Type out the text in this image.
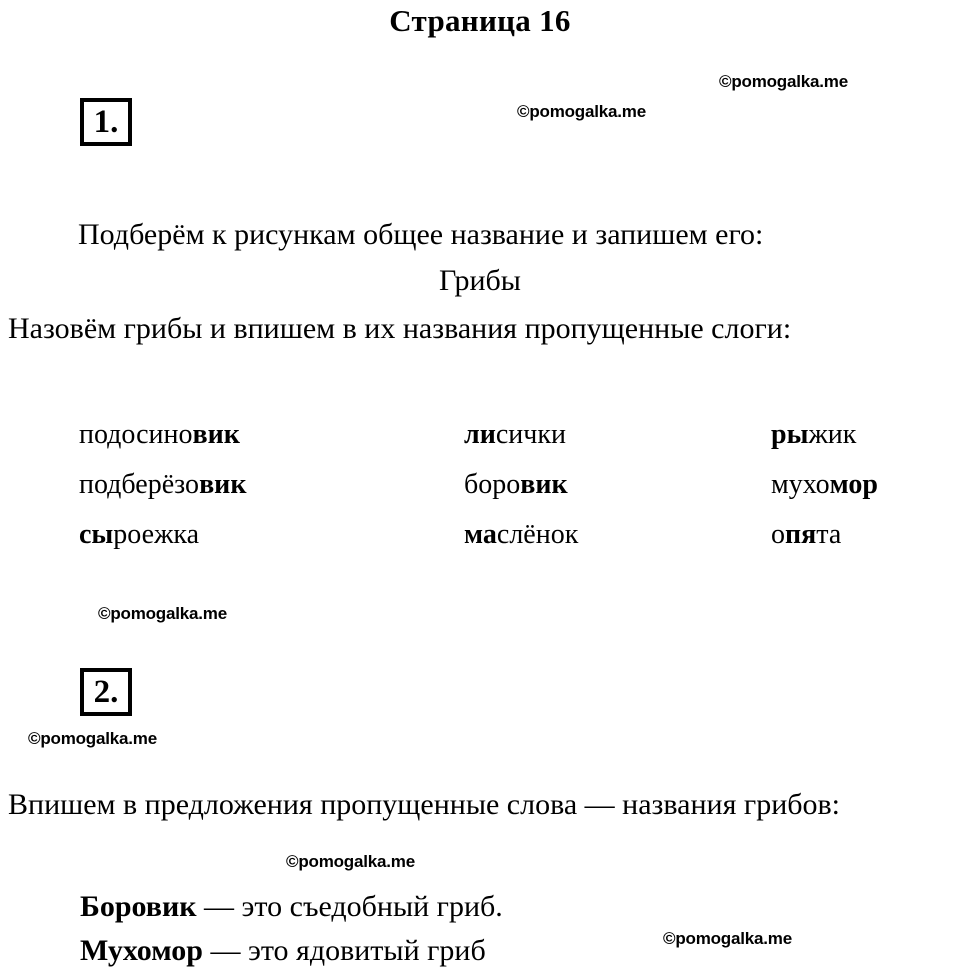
Страница 16
1.
Подберём к рисункам общее название и запишем его:
Грибы
Назовём грибы и впишем в их названия пропущенные слоги:
подосиновик	лисички	рыжик
подберёзовик	боровик	мухомор
сыроежка	маслёнок	опята
2.
Впишем в предложения пропущенные слова — названия грибов:
Боровик — это съедобный гриб.
Мухомор — это ядовитый гриб
©pomogalka.me
©pomogalka.me
©pomogalka.me
©pomogalka.me
©pomogalka.me
©pomogalka.me
